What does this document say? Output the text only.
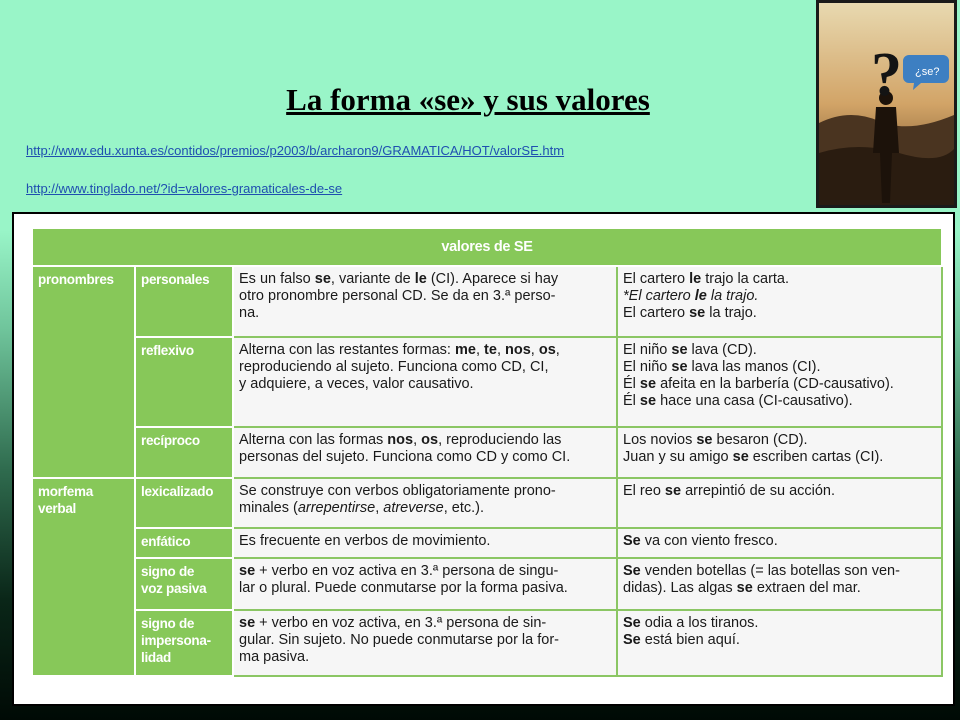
La forma «se» y sus valores
http://www.edu.xunta.es/contidos/premios/p2003/b/archaron9/GRAMATICA/HOT/valorSE.htm
http://www.tinglado.net/?id=valores-gramaticales-de-se
? ¿se?
valores de SE			
pronombres	personales	Es un falso se, variante de le (CI). Aparece si hay
otro pronombre personal CD. Se da en 3.ª perso-
na.	El cartero le trajo la carta.
*El cartero le la trajo.
El cartero se la trajo.

	reflexivo	Alterna con las restantes formas: me, te, nos, os,
reproduciendo al sujeto. Funciona como CD, CI,
y adquiere, a veces, valor causativo.	El niño se lava (CD).
El niño se lava las manos (CI).
Él se afeita en la barbería (CD-causativo).
Él se hace una casa (CI-causativo).

	recíproco	Alterna con las formas nos, os, reproduciendo las
personas del sujeto. Funciona como CD y como CI.	Los novios se besaron (CD).
Juan y su amigo se escriben cartas (CI).

morfema
verbal	lexicalizado	Se construye con verbos obligatoriamente prono-
minales (arrepentirse, atreverse, etc.).	El reo se arrepintió de su acción.

	enfático	Es frecuente en verbos de movimiento.	Se va con viento fresco.

	signo de
voz pasiva	se + verbo en voz activa en 3.ª persona de singu-
lar o plural. Puede conmutarse por la forma pasiva.	Se venden botellas (= las botellas son ven-
didas). Las algas se extraen del mar.

	signo de
impersona-
lidad	se + verbo en voz activa, en 3.ª persona de sin-
gular. Sin sujeto. No puede conmutarse por la for-
ma pasiva.	Se odia a los tiranos.
Se está bien aquí.
